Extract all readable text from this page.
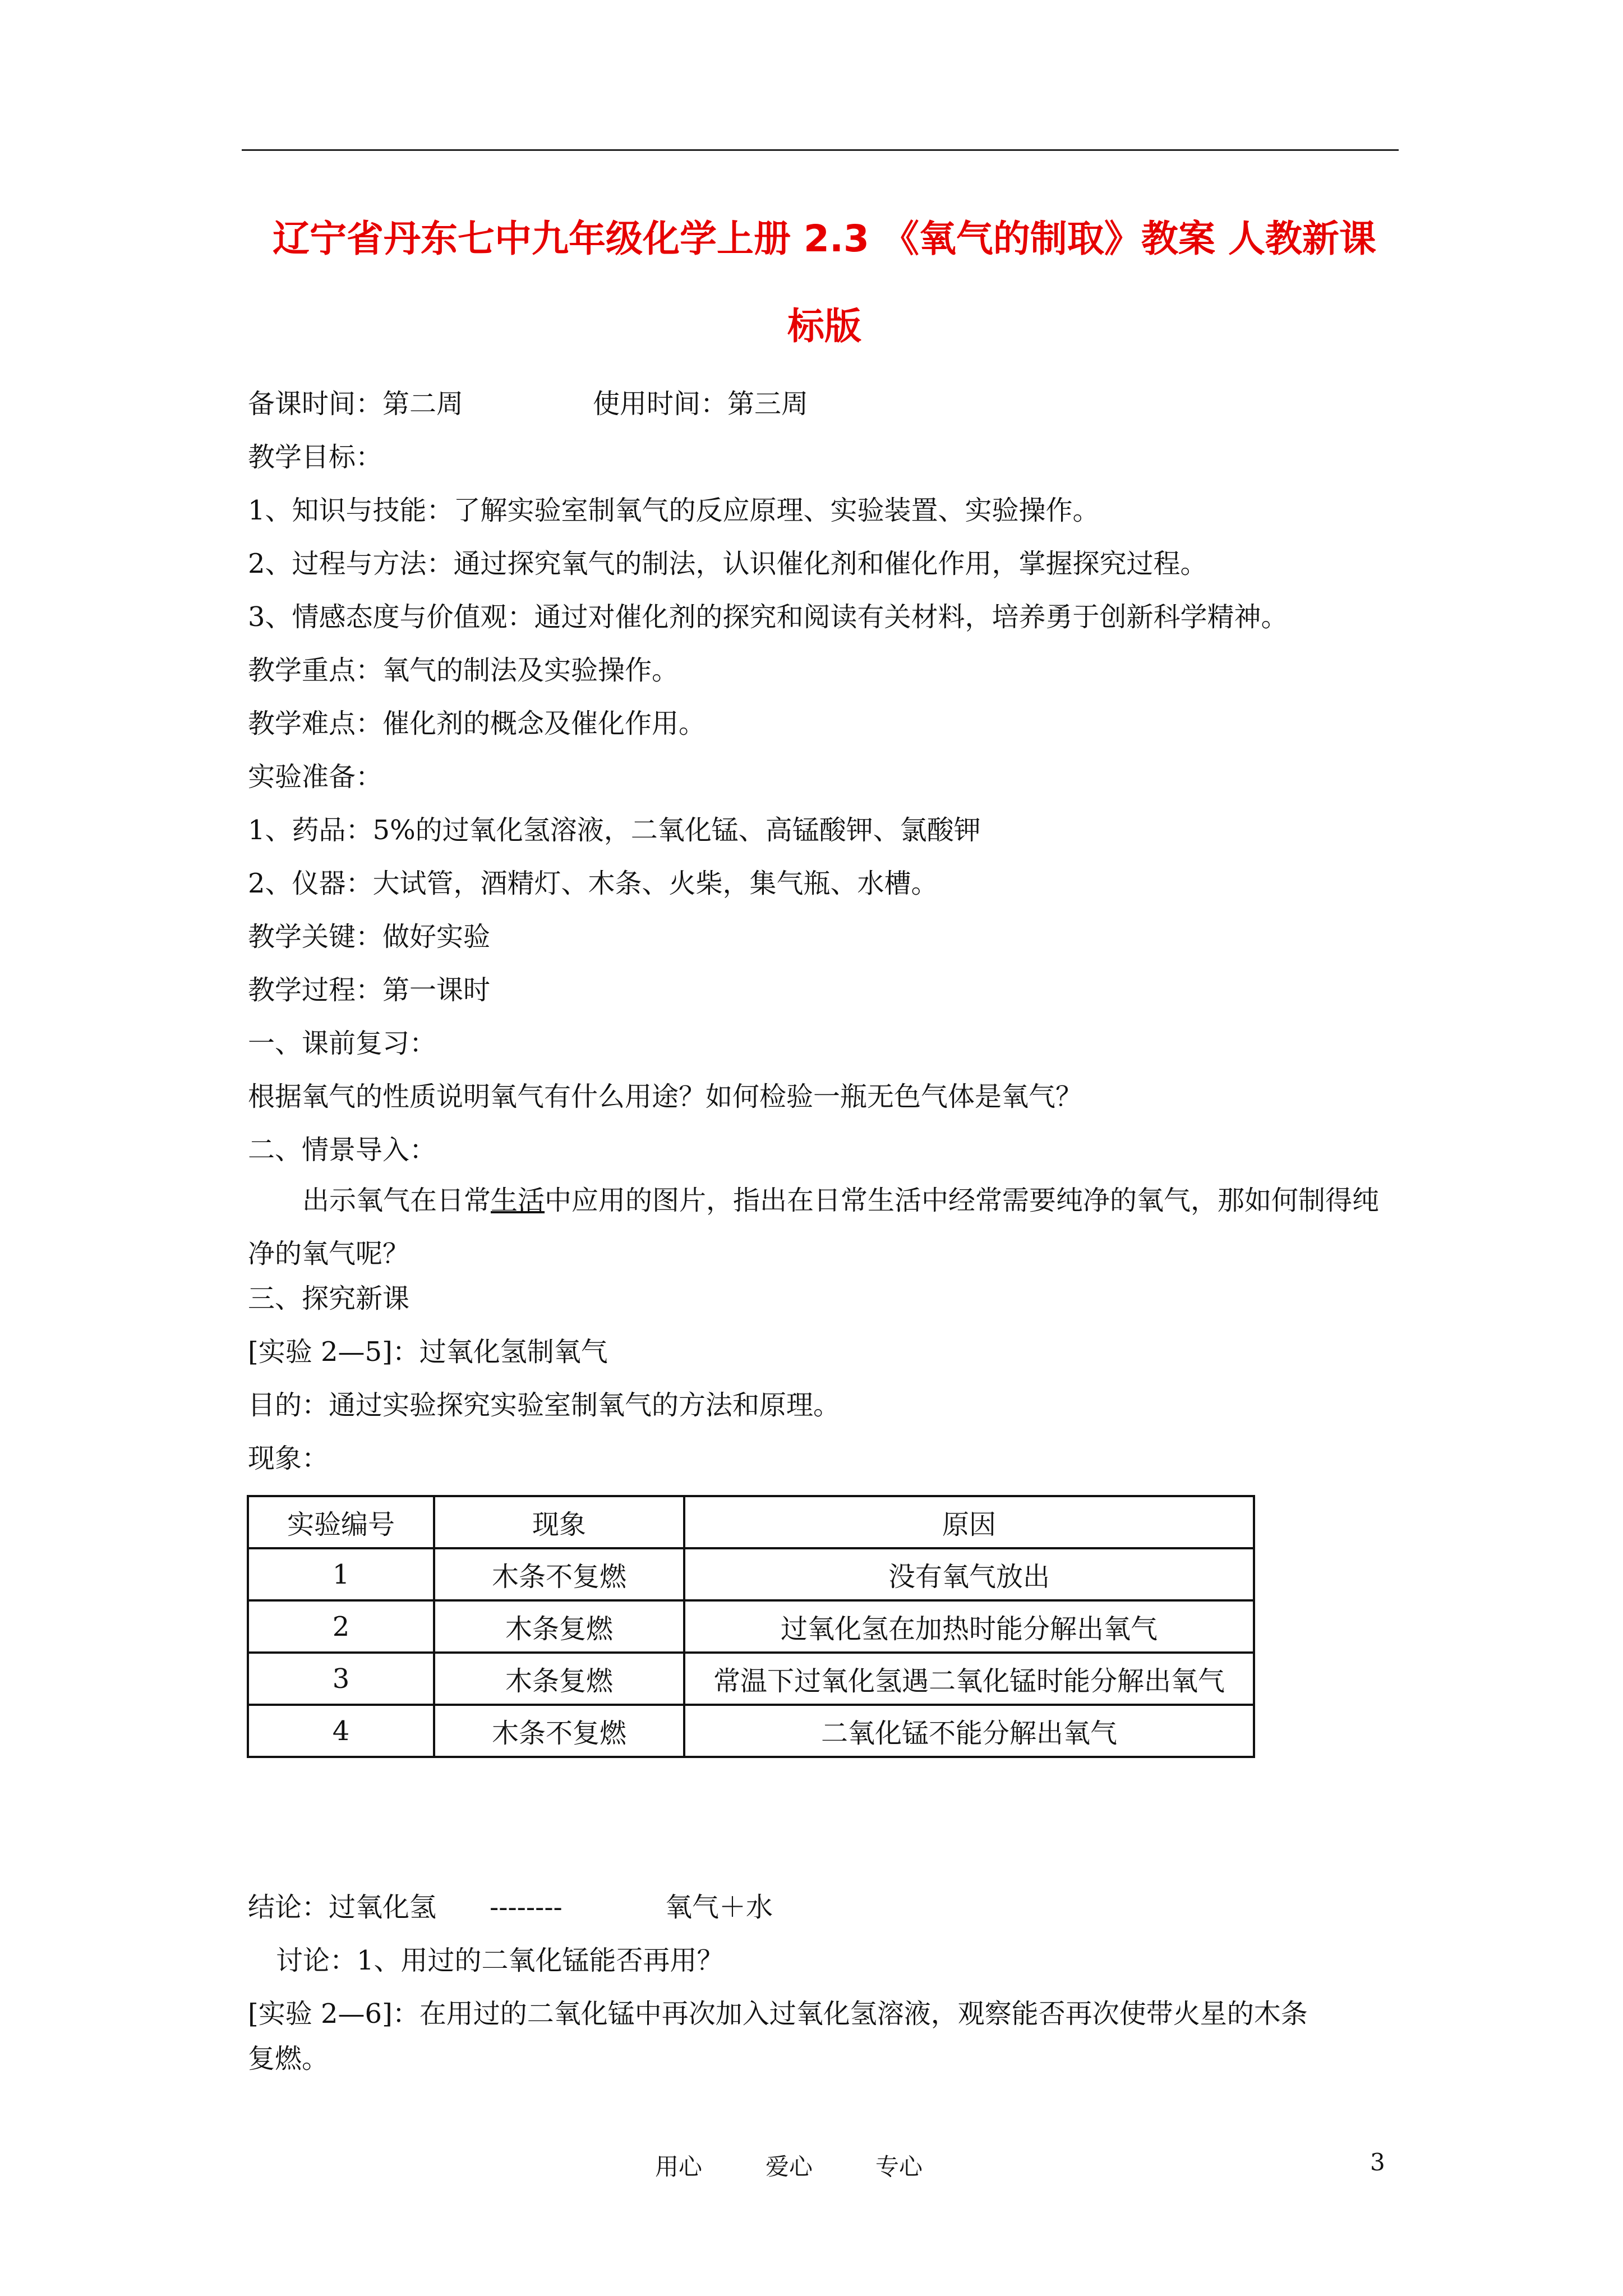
辽宁省丹东七中九年级化学上册 2.3 《氧气的制取》教案 人教新课
标版
备课时间：第二周	使用时间：第三周
教学目标：
1、知识与技能：了解实验室制氧气的反应原理、实验装置、实验操作。
2、过程与方法：通过探究氧气的制法，认识催化剂和催化作用，掌握探究过程。
3、情感态度与价值观：通过对催化剂的探究和阅读有关材料，培养勇于创新科学精神。
教学重点：氧气的制法及实验操作。
教学难点：催化剂的概念及催化作用。
实验准备：
1、药品：5%的过氧化氢溶液，二氧化锰、高锰酸钾、氯酸钾
2、仪器：大试管，酒精灯、木条、火柴，集气瓶、水槽。
教学关键：做好实验
教学过程：第一课时
一、课前复习：
根据氧气的性质说明氧气有什么用途？如何检验一瓶无色气体是氧气？
二、情景导入：
出示氧气在日常生活中应用的图片，指出在日常生活中经常需要纯净的氧气，那如何制得纯净的氧气呢？
三、探究新课
[实验 2—5]：过氧化氢制氧气
目的：通过实验探究实验室制氧气的方法和原理。
现象：
实验编号	现象	原因
1	木条不复燃	没有氧气放出
2	木条复燃	过氧化氢在加热时能分解出氧气
3	木条复燃	常温下过氧化氢遇二氧化锰时能分解出氧气
4	木条不复燃	二氧化锰不能分解出氧气
结论：过氧化氢 --------	氧气＋水
讨论：1、用过的二氧化锰能否再用？
[实验 2—6]：在用过的二氧化锰中再次加入过氧化氢溶液，观察能否再次使带火星的木条
复燃。
用心	爱心	专心	3
